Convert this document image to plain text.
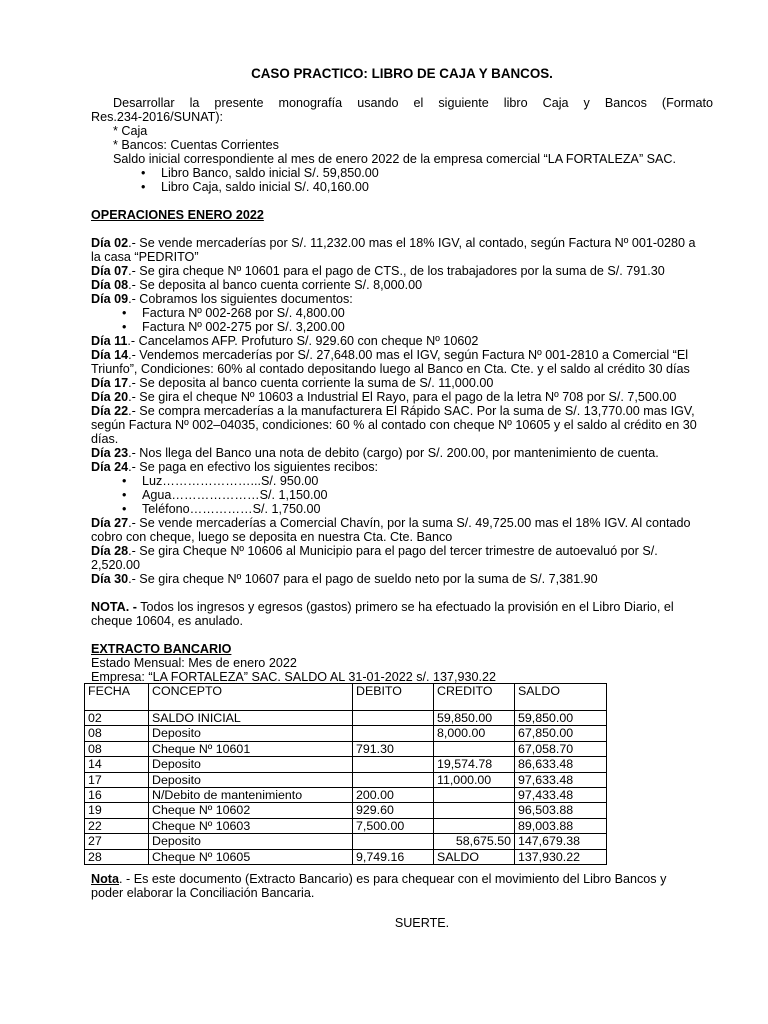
CASO PRACTICO: LIBRO DE CAJA Y BANCOS.
Desarrollar la presente monografía usando el siguiente libro Caja y Bancos (Formato
Res.234-2016/SUNAT):
* Caja
* Bancos: Cuentas Corrientes
Saldo inicial correspondiente al mes de enero 2022 de la empresa comercial “LA FORTALEZA” SAC.
• Libro Banco, saldo inicial S/. 59,850.00
• Libro Caja, saldo inicial S/. 40,160.00
OPERACIONES ENERO 2022
Día 02.- Se vende mercaderías por S/. 11,232.00 mas el 18% IGV, al contado, según Factura Nº 001-0280 a
la casa “PEDRITO”
Día 07.- Se gira cheque Nº 10601 para el pago de CTS., de los trabajadores por la suma de S/. 791.30
Día 08.- Se deposita al banco cuenta corriente S/. 8,000.00
Día 09.- Cobramos los siguientes documentos:
• Factura Nº 002-268 por S/. 4,800.00
• Factura Nº 002-275 por S/. 3,200.00
Día 11.- Cancelamos AFP. Profuturo S/. 929.60 con cheque Nº 10602
Día 14.- Vendemos mercaderías por S/. 27,648.00 mas el IGV, según Factura Nº 001-2810 a Comercial “El
Triunfo”, Condiciones: 60% al contado depositando luego al Banco en Cta. Cte. y el saldo al crédito 30 días
Día 17.- Se deposita al banco cuenta corriente la suma de S/. 11,000.00
Día 20.- Se gira el cheque Nº 10603 a Industrial El Rayo, para el pago de la letra Nº 708 por S/. 7,500.00
Día 22.- Se compra mercaderías a la manufacturera El Rápido SAC. Por la suma de S/. 13,770.00 mas IGV,
según Factura Nº 002–04035, condiciones: 60 % al contado con cheque Nº 10605 y el saldo al crédito en 30
días.
Día 23.- Nos llega del Banco una nota de debito (cargo) por S/. 200.00, por mantenimiento de cuenta.
Día 24.- Se paga en efectivo los siguientes recibos:
• Luz…………………...S/. 950.00
• Agua…………………S/. 1,150.00
• Teléfono……………S/. 1,750.00
Día 27.- Se vende mercaderías a Comercial Chavín, por la suma S/. 49,725.00 mas el 18% IGV. Al contado
cobro con cheque, luego se deposita en nuestra Cta. Cte. Banco
Día 28.- Se gira Cheque Nº 10606 al Municipio para el pago del tercer trimestre de autoevaluó por S/.
2,520.00
Día 30.- Se gira cheque Nº 10607 para el pago de sueldo neto por la suma de S/. 7,381.90
NOTA. - Todos los ingresos y egresos (gastos) primero se ha efectuado la provisión en el Libro Diario, el
cheque 10604, es anulado.
EXTRACTO BANCARIO
Estado Mensual: Mes de enero 2022
Empresa: “LA FORTALEZA” SAC. SALDO AL 31-01-2022 s/. 137,930.22
Nota. - Es este documento (Extracto Bancario) es para chequear con el movimiento del Libro Bancos y
poder elaborar la Conciliación Bancaria.
SUERTE.
FECHA	CONCEPTO	DEBITO	CREDITO	SALDO
02	SALDO INICIAL		59,850.00	59,850.00
08	Deposito		8,000.00	67,850.00
08	Cheque Nº 10601	791.30		67,058.70
14	Deposito		19,574.78	86,633.48
17	Deposito		11,000.00	97,633.48
16	N/Debito de mantenimiento	200.00		97,433.48
19	Cheque Nº 10602	929.60		96,503.88
22	Cheque Nº 10603	7,500.00		89,003.88
27	Deposito		58,675.50	147,679.38
28	Cheque Nº 10605	9,749.16	SALDO	137,930.22
